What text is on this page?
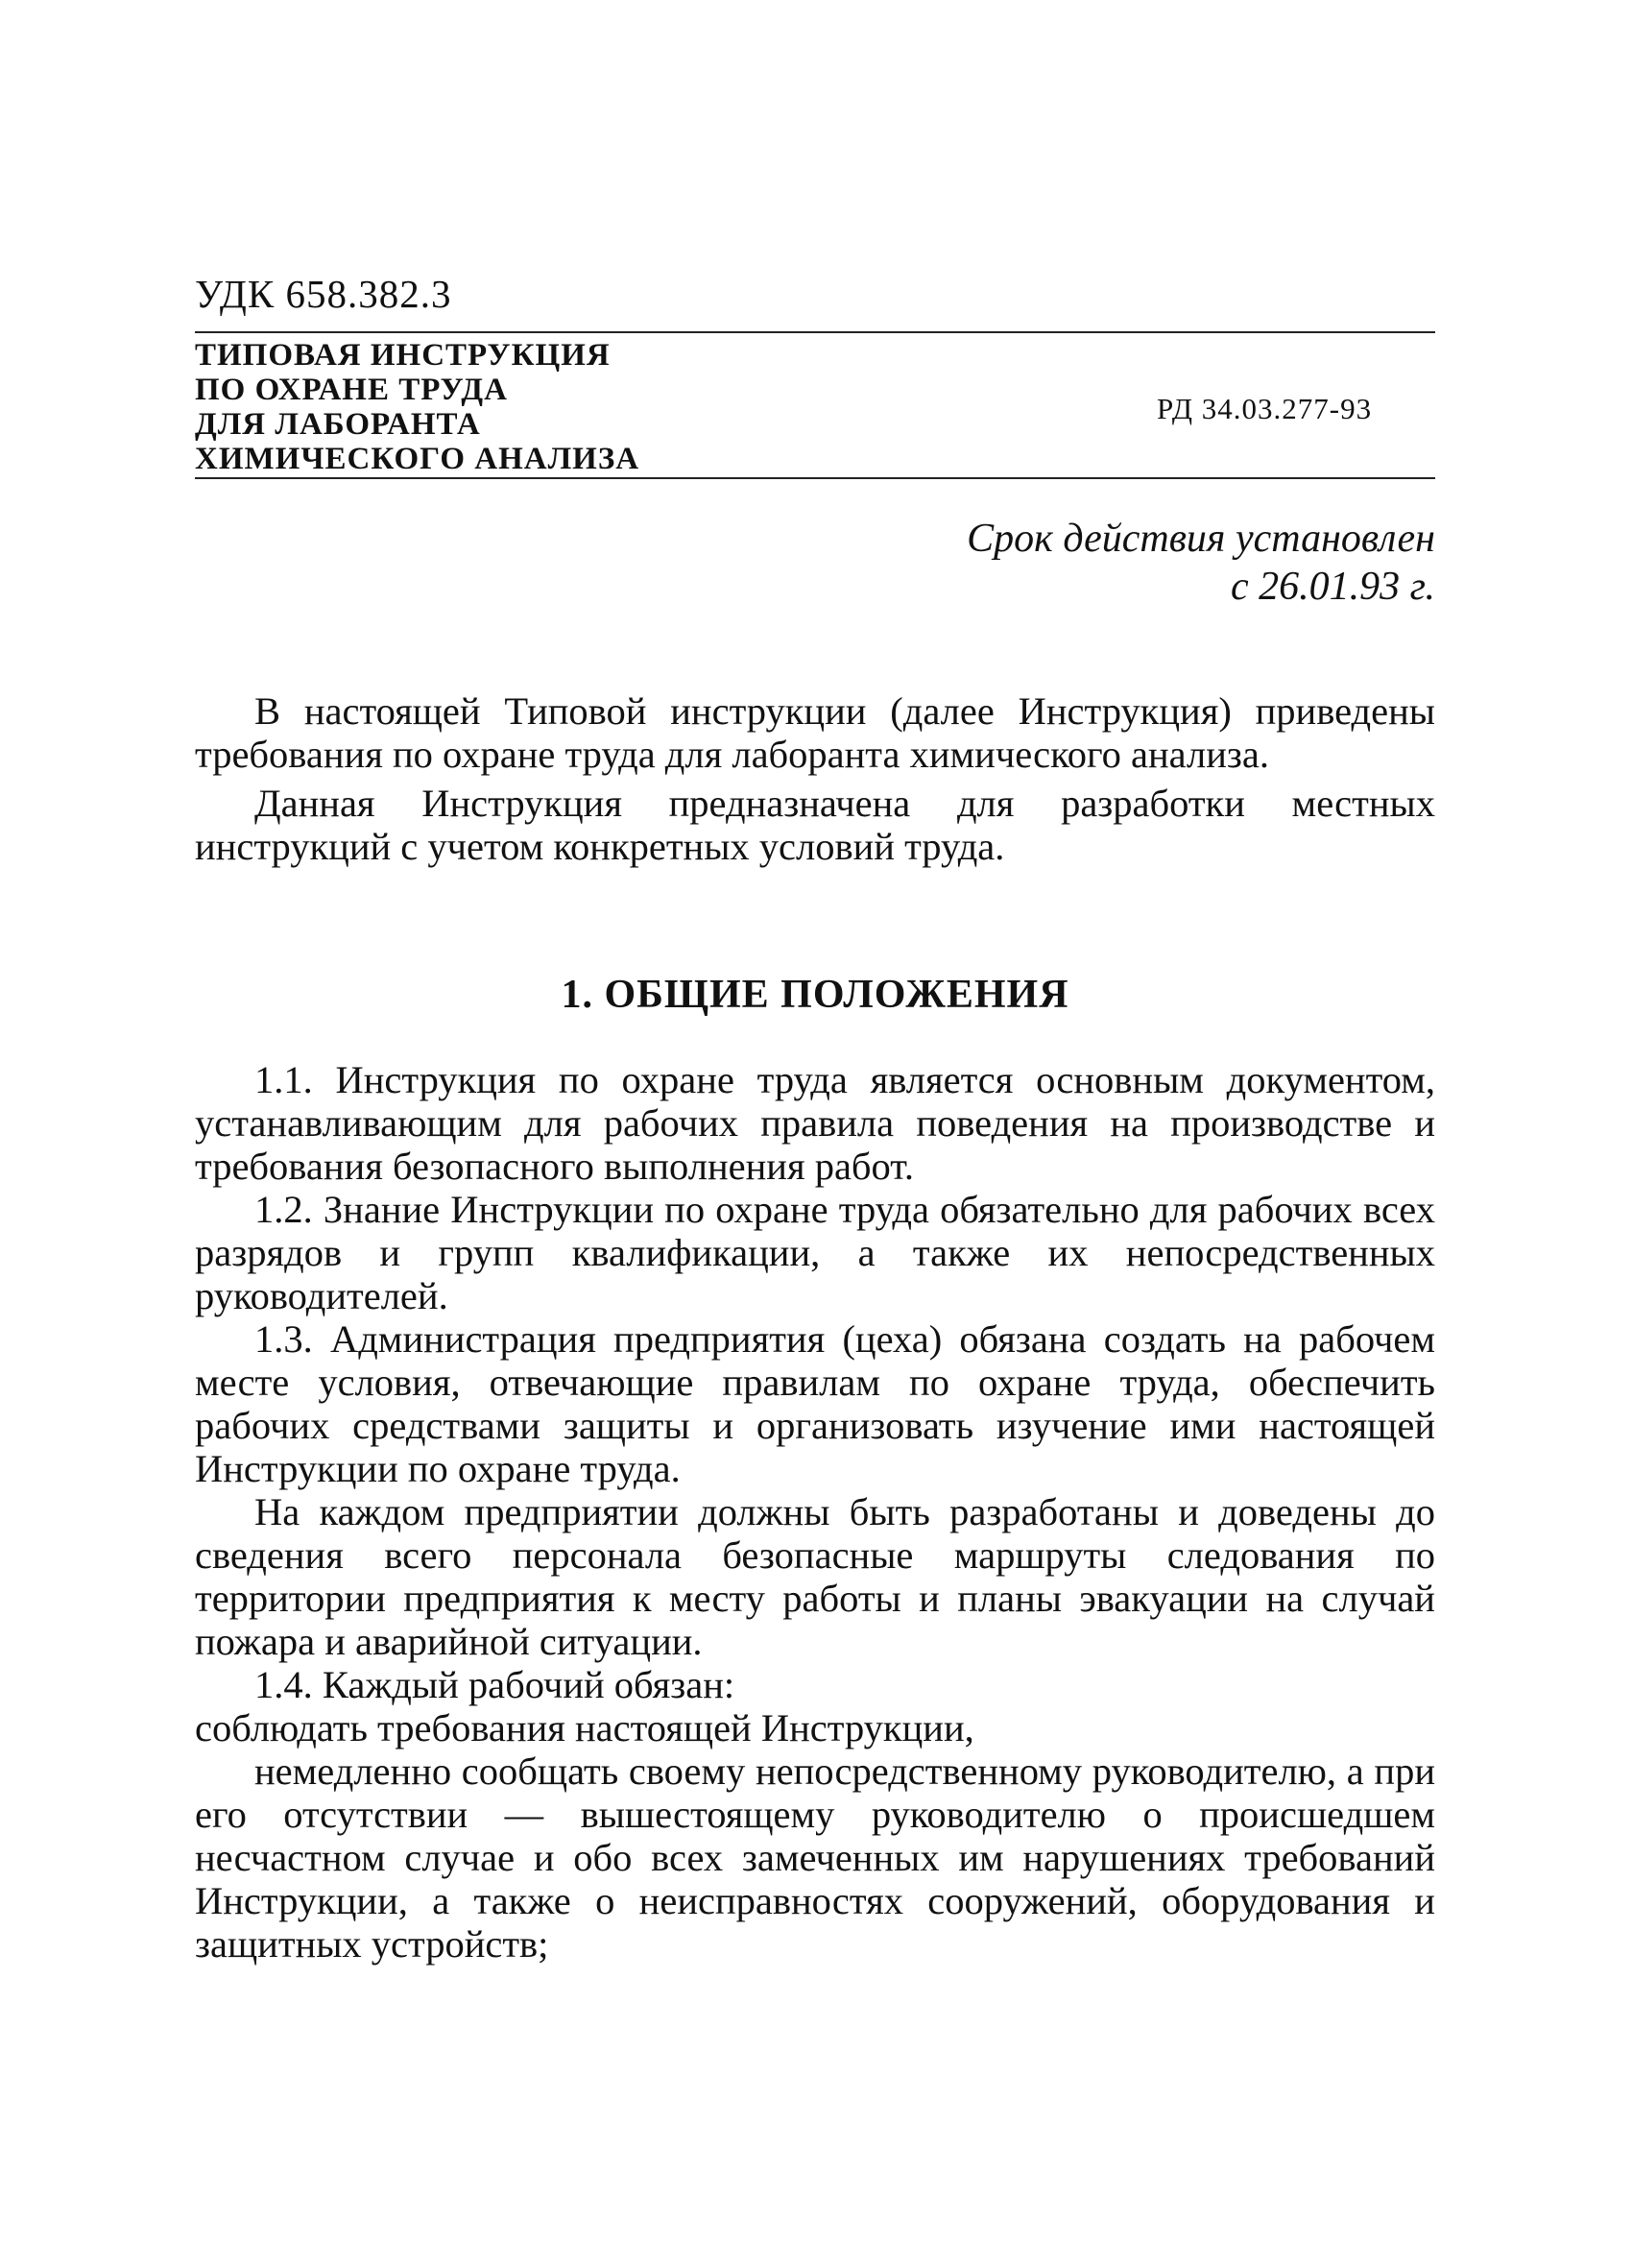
УДК 658.382.3
ТИПОВАЯ ИНСТРУКЦИЯ
ПО ОХРАНЕ ТРУДА
ДЛЯ ЛАБОРАНТА
ХИМИЧЕСКОГО АНАЛИЗА
РД 34.03.277-93
Срок действия установлен
с 26.01.93 г.

В настоящей Типовой инструкции (далее Инструкция) приведены требования по охране труда для лаборанта химического анализа.

Данная Инструкция предназначена для разработки местных инструкций с учетом конкретных условий труда.

1. ОБЩИЕ ПОЛОЖЕНИЯ

1.1. Инструкция по охране труда является основным документом, устанавливающим для рабочих правила поведения на производстве и требования безопасного выполнения работ.

1.2. Знание Инструкции по охране труда обязательно для рабочих всех разрядов и групп квалификации, а также их непосредственных руководителей.

1.3. Администрация предприятия (цеха) обязана создать на рабочем месте условия, отвечающие правилам по охране труда, обеспечить рабочих средствами защиты и организовать изучение ими настоящей Инструкции по охране труда.

На каждом предприятии должны быть разработаны и доведены до сведения всего персонала безопасные маршруты следования по территории предприятия к месту работы и планы эвакуации на случай пожара и аварийной ситуации.

1.4. Каждый рабочий обязан:

соблюдать требования настоящей Инструкции,

немедленно сообщать своему непосредственному руководителю, а при его отсутствии — вышестоящему руководителю о происшедшем несчастном случае и обо всех замеченных им нарушениях требований Инструкции, а также о неисправностях сооружений, оборудования и защитных устройств;
